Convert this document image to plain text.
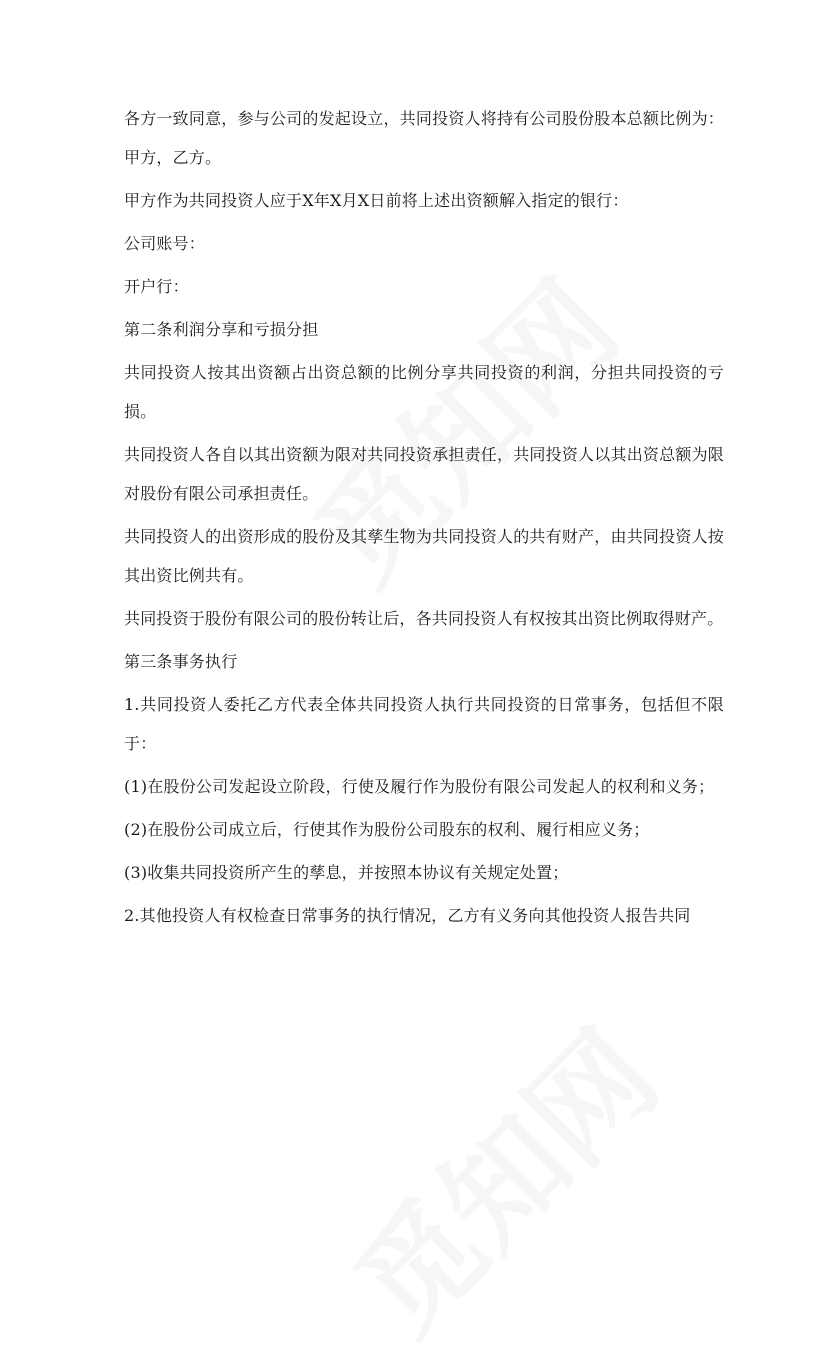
各方一致同意，参与公司的发起设立，共同投资人将持有公司股份股本总额比例为：甲方，乙方。

甲方作为共同投资人应于X年X月X日前将上述出资额解入指定的银行：

公司账号：

开户行：

第二条利润分享和亏损分担

共同投资人按其出资额占出资总额的比例分享共同投资的利润，分担共同投资的亏损。

共同投资人各自以其出资额为限对共同投资承担责任，共同投资人以其出资总额为限对股份有限公司承担责任。

共同投资人的出资形成的股份及其孳生物为共同投资人的共有财产，由共同投资人按其出资比例共有。

共同投资于股份有限公司的股份转让后，各共同投资人有权按其出资比例取得财产。

第三条事务执行

1.共同投资人委托乙方代表全体共同投资人执行共同投资的日常事务，包括但不限于：

(1)在股份公司发起设立阶段，行使及履行作为股份有限公司发起人的权利和义务；

(2)在股份公司成立后，行使其作为股份公司股东的权利、履行相应义务；

(3)收集共同投资所产生的孳息，并按照本协议有关规定处置；

2.其他投资人有权检查日常事务的执行情况，乙方有义务向其他投资人报告共同
